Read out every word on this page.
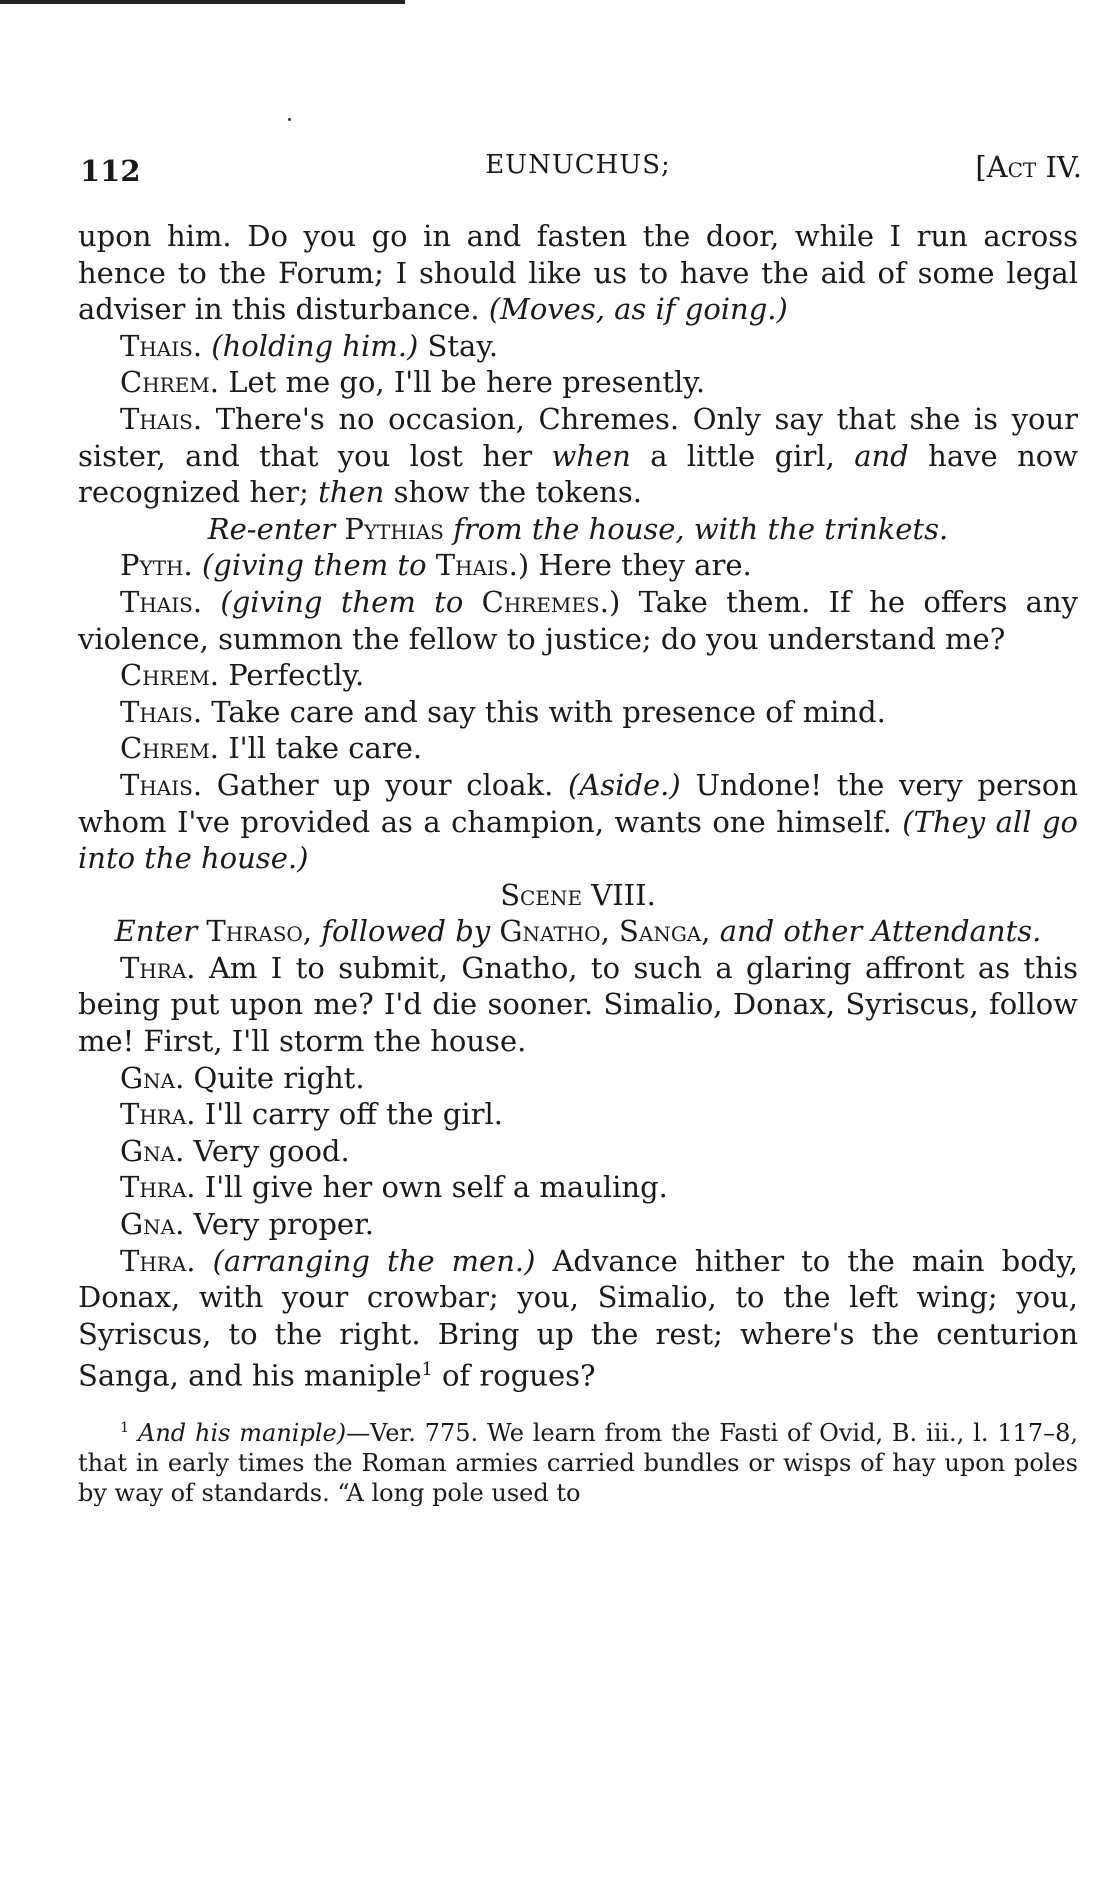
112	EUNUCHUS;	[Act IV.

upon him. Do you go in and fasten the door, while I run across hence to the Forum; I should like us to have the aid of some legal adviser in this disturbance. (Moves, as if going.)

Thais. (holding him.) Stay.

Chrem. Let me go, I'll be here presently.

Thais. There's no occasion, Chremes. Only say that she is your sister, and that you lost her when a little girl, and have now recognized her; then show the tokens.

Re-enter Pythias from the house, with the trinkets.

Pyth. (giving them to Thais.) Here they are.

Thais. (giving them to Chremes.) Take them. If he offers any violence, summon the fellow to justice; do you understand me?

Chrem. Perfectly.

Thais. Take care and say this with presence of mind.

Chrem. I'll take care.

Thais. Gather up your cloak. (Aside.) Undone! the very person whom I've provided as a champion, wants one himself. (They all go into the house.)

Scene VIII.

Enter Thraso, followed by Gnatho, Sanga, and other Attendants.

Thra. Am I to submit, Gnatho, to such a glaring affront as this being put upon me? I'd die sooner. Simalio, Donax, Syriscus, follow me! First, I'll storm the house.

Gna. Quite right.

Thra. I'll carry off the girl.

Gna. Very good.

Thra. I'll give her own self a mauling.

Gna. Very proper.

Thra. (arranging the men.) Advance hither to the main body, Donax, with your crowbar; you, Simalio, to the left wing; you, Syriscus, to the right. Bring up the rest; where's the centurion Sanga, and his maniple$^1$ of rogues?

$^1$ And his maniple)—Ver. 775. We learn from the Fasti of Ovid, B. iii., l. 117–8, that in early times the Roman armies carried bundles or wisps of hay upon poles by way of standards. “A long pole used to
